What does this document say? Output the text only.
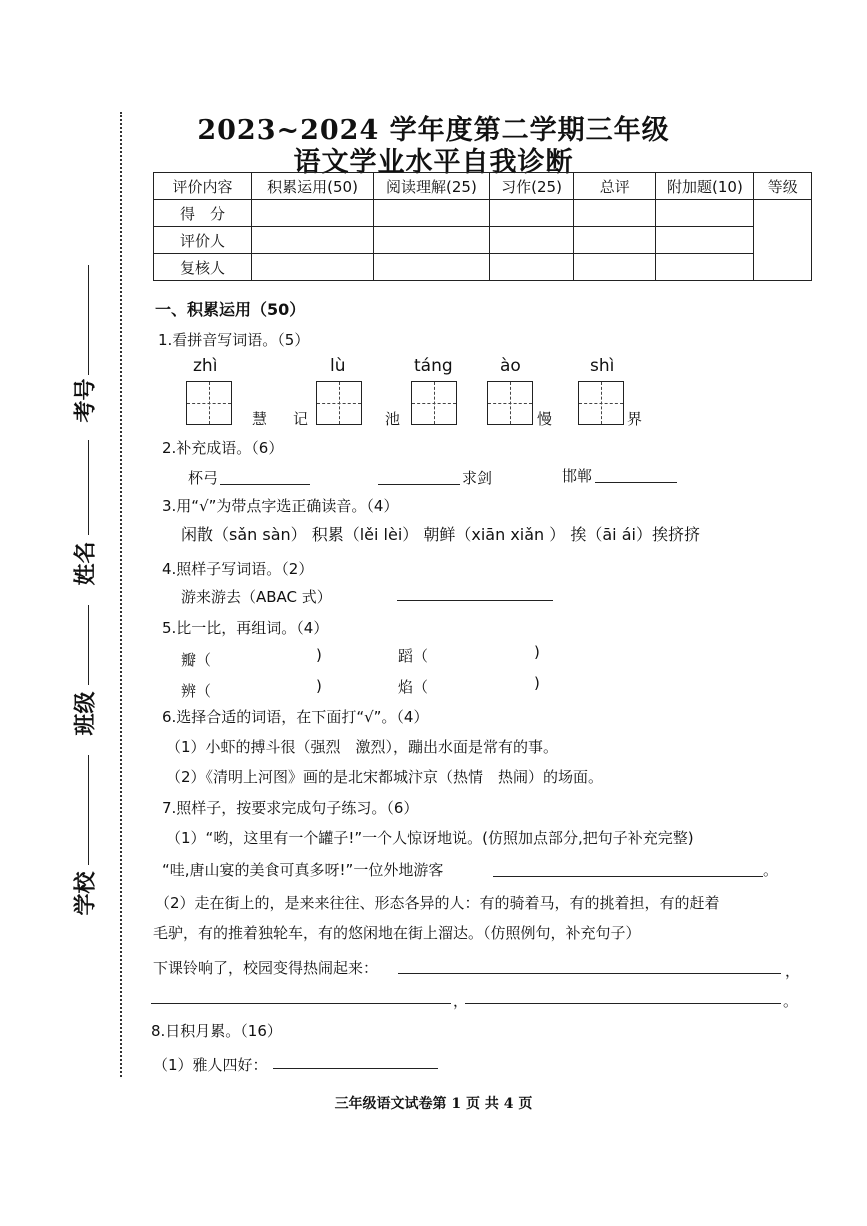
考号
姓名
班级
学校
2023~2024 学年度第二学期三年级
语文学业水平自我诊断
评价内容	积累运用(50)	阅读理解(25)	习作(25)	总评	附加题(10)	等级
得　分						
评价人						
复核人						
一、积累运用（50）
1.看拼音写词语。（5）
zhì
慧 记
lù
池
táng	ào
慢
shì
界
2.补充成语。（6）
杯弓	求剑	邯郸
3.用“√”为带点字选正确读音。（4）
闲散（sǎn sàn） 积累（lěi lèi） 朝鲜（xiān xiǎn ） 挨（āi ái）挨挤挤
4.照样子写词语。（2）
游来游去（ABAC 式）
5.比一比，再组词。（4）
瓣（	)	蹈（	)
辨（	)	焰（	)
6.选择合适的词语，在下面打“√”。（4）
（1）小虾的搏斗很（强烈　激烈），蹦出水面是常有的事。
（2）《清明上河图》画的是北宋都城汴京（热情　热闹）的场面。
7.照样子，按要求完成句子练习。（6）
（1）“哟，这里有一个罐子!”一个人惊讶地说。(仿照加点部分,把句子补充完整)
“哇,唐山宴的美食可真多呀!”一位外地游客	。
（2）走在街上的，是来来往往、形态各异的人：有的骑着马，有的挑着担，有的赶着
毛驴，有的推着独轮车，有的悠闲地在街上溜达。（仿照例句，补充句子）
下课铃响了，校园变得热闹起来：	，
，	。
8.日积月累。（16）
（1）雅人四好：
三年级语文试卷第 1 页 共 4 页
